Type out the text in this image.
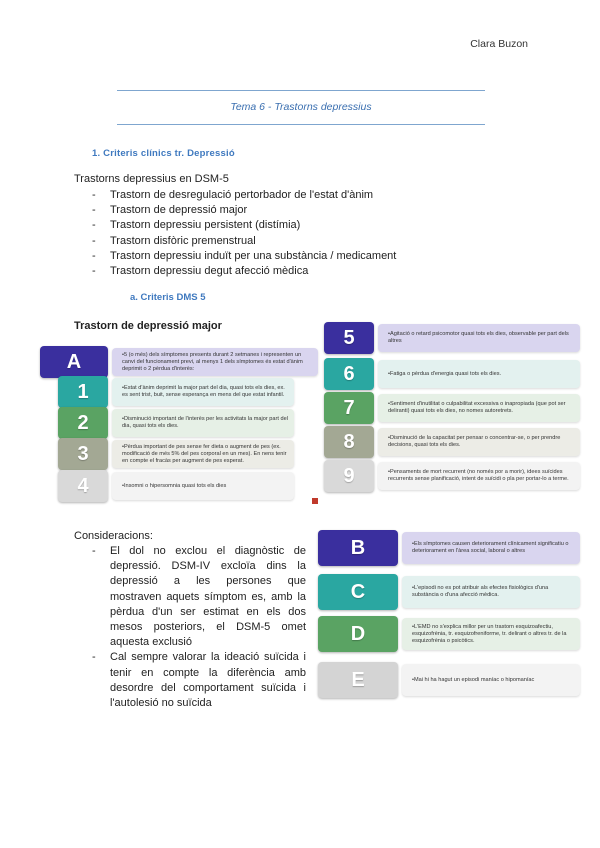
Clara Buzon
Tema 6 - Trastorns depressius
1. Criteris clínics tr. Depressió
Trastorns depressius en DSM-5
- Trastorn de desregulació pertorbador de l'estat d'ànim
- Trastorn de depressió major
- Trastorn depressiu persistent (distímia)
- Trastorn disfòric premenstrual
- Trastorn depressiu induït per una substància / medicament
- Trastorn depressiu degut afecció mèdica
a. Criteris DMS 5
Trastorn de depressió major
A	• 5 (o més) dels símptomes presents durant 2 setmanes i representen un canvi del funcionament previ, al menys 1 dels símptomes és estat d'ànim deprimit o 2 pèrdua d'interès:
1	• Estat d'ànim deprimit la major part del dia, quasi tots els dies, ex. es sent trist, buit, sense esperança en mens del que estat infantil.
2	• Disminució important de l'interès per les activitats la major part del dia, quasi tots els dies.
3	• Pèrdua important de pes sense fer dieta o augment de pes (ex. modificació de més 5% del pes corporal en un mes). En nens tenir en compte el fracàs per augment de pes esperat.
4	• Insomni o hipersomnia quasi tots els dies
5	• Agitació o retard psicomotor quasi tots els dies, observable per part dels altres
6	• Fatiga o pèrdua d'energia quasi tots els dies.
7	• Sentiment d'inutilitat o culpabilitat excessiva o inapropiada (que pot ser deliranti) quasi tots els dies, no nomes autoretrets.
8	• Disminució de la capacitat per pensar o concentrar-se, o per prendre decisions, quasi tots els dies.
9	• Pensaments de mort recurrent (no només por a morir), idees suïcides recurrents sense planificació, intent de suïcidi o pla per portar-lo a terme.
Consideracions:
- El dol no exclou el diagnòstic de depressió. DSM-IV excloïa dins la depressió a les persones que mostraven aquets símptom es, amb la pèrdua d'un ser estimat en els dos mesos posteriors, el DSM-5 omet aquesta exclusió
- Cal sempre valorar la ideació suïcida i tenir en compte la diferència amb desordre del comportament suïcida i l'autolesió no suïcida
B	• Els símptomes causen deteriorament clínicament significatiu o deteriorament en l'àrea social, laboral o altres
C	• L'episodi no es pot atribuir als efectes fisiològics d'una substància o d'una afecció mèdica.
D	• L'EMD no s'explica millor per un trastorn esquizoafectiu, esquizofrènia, tr. esquizofreniforme, tr. delirant o altres tr. de la esquizofrènia o psicòtics.
E	• Mai hi ha hagut un episodi maníac o hipomaníac
